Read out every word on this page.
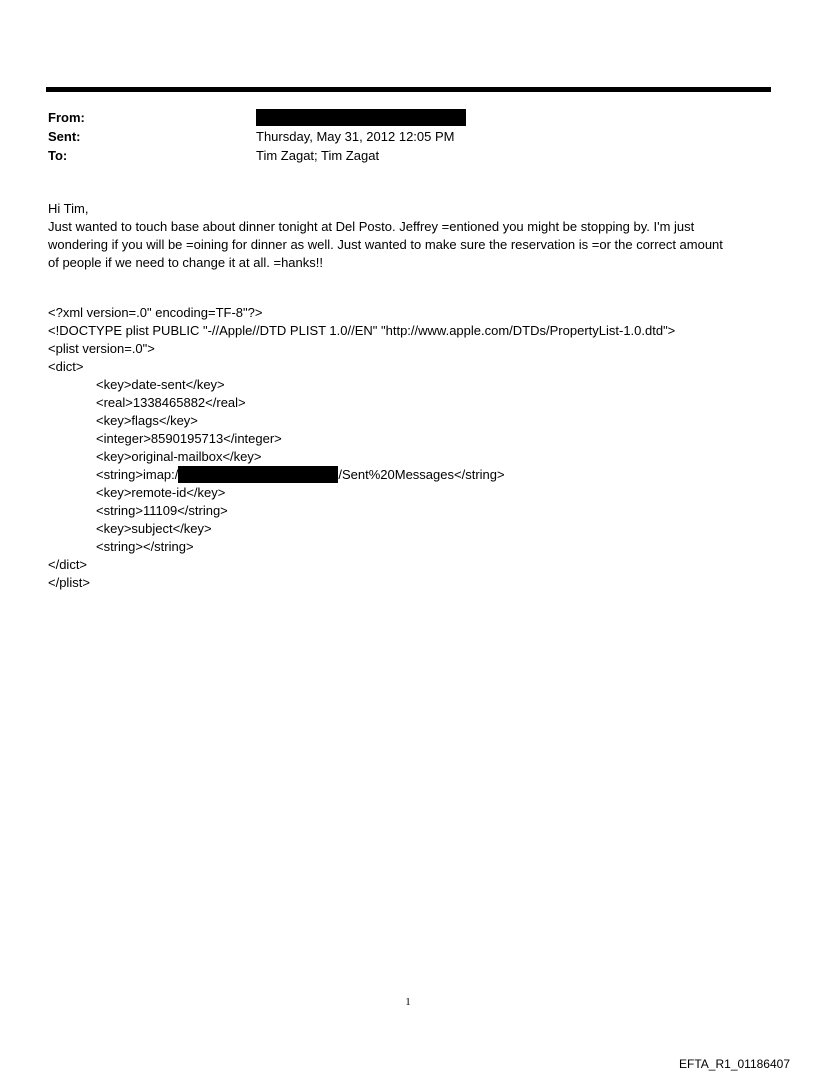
From:
Sent:	Thursday, May 31, 2012 12:05 PM
To:	Tim Zagat; Tim Zagat

Hi Tim,

Just wanted to touch base about dinner tonight at Del Posto. Jeffrey =entioned you might be stopping by. I'm just

wondering if you will be =oining for dinner as well. Just wanted to make sure the reservation is =or the correct amount

of people if we need to change it at all. =hanks!!

<?xml version=.0" encoding=TF-8"?>
<!DOCTYPE plist PUBLIC "-//Apple//DTD PLIST 1.0//EN" "http://www.apple.com/DTDs/PropertyList-1.0.dtd">
<plist version=.0">
<dict>
<key>date-sent</key>
<real>1338465882</real>
<key>flags</key>
<integer>8590195713</integer>
<key>original-mailbox</key>
<string>imap:/	/Sent%20Messages</string>
<key>remote-id</key>
<string>11109</string>
<key>subject</key>
<string></string>
</dict>
</plist>
1
EFTA_R1_01186407
